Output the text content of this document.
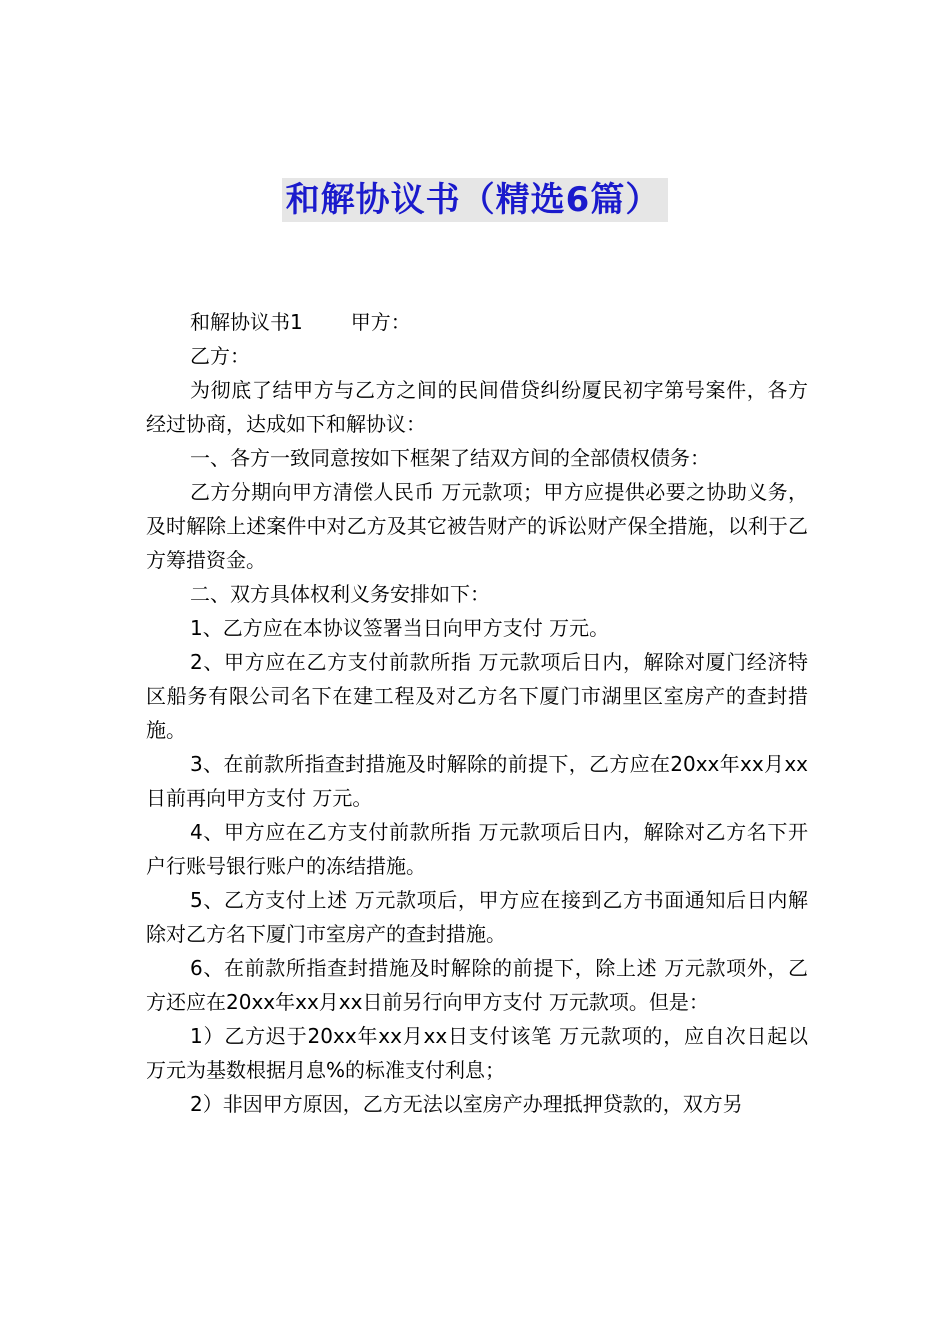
和解协议书（精选6篇）

和解协议书1 甲方：

乙方：

为彻底了结甲方与乙方之间的民间借贷纠纷厦民初字第号案件，各方经过协商，达成如下和解协议：

一、各方一致同意按如下框架了结双方间的全部债权债务：

乙方分期向甲方清偿人民币 万元款项；甲方应提供必要之协助义务，及时解除上述案件中对乙方及其它被告财产的诉讼财产保全措施，以利于乙方筹措资金。

二、双方具体权利义务安排如下：

1、乙方应在本协议签署当日向甲方支付 万元。

2、甲方应在乙方支付前款所指 万元款项后日内，解除对厦门经济特区船务有限公司名下在建工程及对乙方名下厦门市湖里区室房产的查封措施。

3、在前款所指查封措施及时解除的前提下，乙方应在20xx年xx月xx日前再向甲方支付 万元。

4、甲方应在乙方支付前款所指 万元款项后日内，解除对乙方名下开户行账号银行账户的冻结措施。

5、乙方支付上述 万元款项后，甲方应在接到乙方书面通知后日内解除对乙方名下厦门市室房产的查封措施。

6、在前款所指查封措施及时解除的前提下，除上述 万元款项外，乙方还应在20xx年xx月xx日前另行向甲方支付 万元款项。但是：

1）乙方迟于20xx年xx月xx日支付该笔 万元款项的，应自次日起以 万元为基数根据月息%的标准支付利息；

2）非因甲方原因，乙方无法以室房产办理抵押贷款的，双方另
